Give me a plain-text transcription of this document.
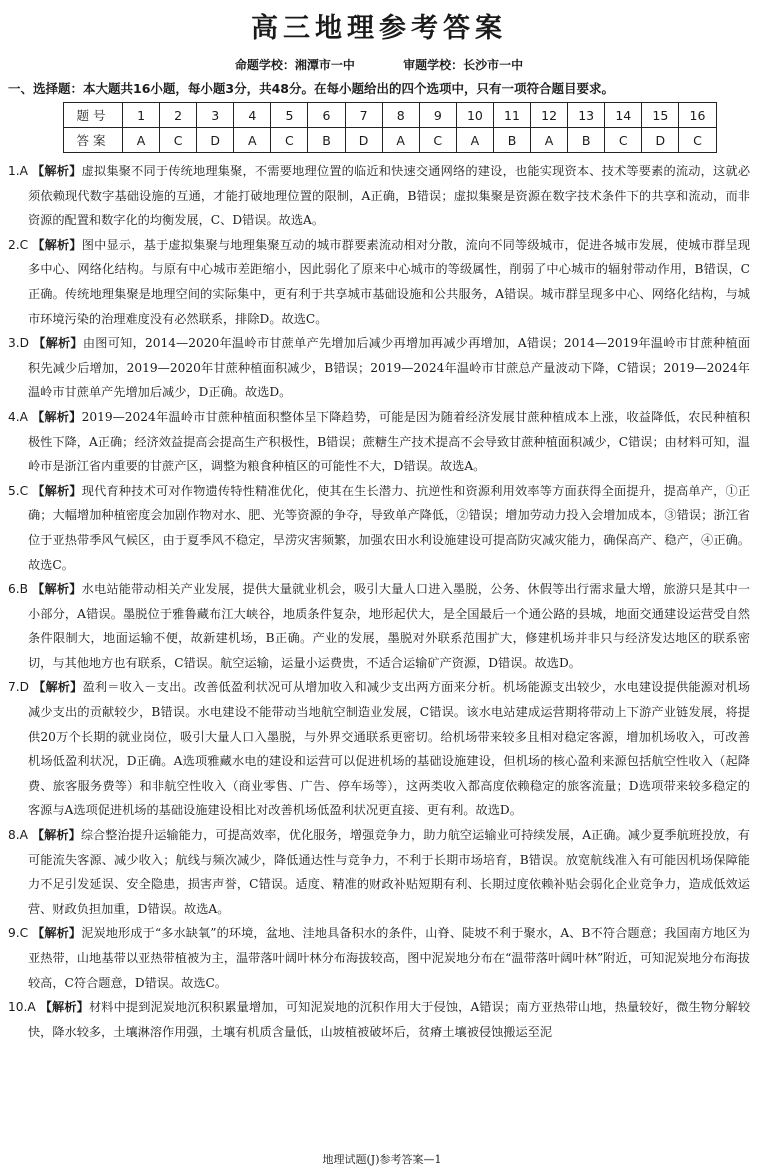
高三地理参考答案
命题学校：湘潭市一中	审题学校：长沙市一中
一、选择题：本大题共16小题，每小题3分，共48分。在每小题给出的四个选项中，只有一项符合题目要求。
题号	1	2	3	4	5	6	7	8	9	10	11	12	13	14	15	16
答案	A	C	D	A	C	B	D	A	C	A	B	A	B	C	D	C
1.A 【解析】虚拟集聚不同于传统地理集聚，不需要地理位置的临近和快速交通网络的建设，也能实现资本、技术等要素的流动，这就必须依赖现代数字基础设施的互通，才能打破地理位置的限制，A正确，B错误；虚拟集聚是资源在数字技术条件下的共享和流动，而非资源的配置和数字化的均衡发展，C、D错误。故选A。
2.C 【解析】图中显示，基于虚拟集聚与地理集聚互动的城市群要素流动相对分散，流向不同等级城市，促进各城市发展，使城市群呈现多中心、网络化结构。与原有中心城市差距缩小，因此弱化了原来中心城市的等级属性，削弱了中心城市的辐射带动作用，B错误，C正确。传统地理集聚是地理空间的实际集中，更有利于共享城市基础设施和公共服务，A错误。城市群呈现多中心、网络化结构，与城市环境污染的治理难度没有必然联系，排除D。故选C。
3.D 【解析】由图可知，2014—2020年温岭市甘蔗单产先增加后减少再增加再减少再增加，A错误；2014—2019年温岭市甘蔗种植面积先减少后增加，2019—2020年甘蔗种植面积减少，B错误；2019—2024年温岭市甘蔗总产量波动下降，C错误；2019—2024年温岭市甘蔗单产先增加后减少，D正确。故选D。
4.A 【解析】2019—2024年温岭市甘蔗种植面积整体呈下降趋势，可能是因为随着经济发展甘蔗种植成本上涨，收益降低，农民种植积极性下降，A正确；经济效益提高会提高生产积极性，B错误；蔗糖生产技术提高不会导致甘蔗种植面积减少，C错误；由材料可知，温岭市是浙江省内重要的甘蔗产区，调整为粮食种植区的可能性不大，D错误。故选A。
5.C 【解析】现代育种技术可对作物遗传特性精准优化，使其在生长潜力、抗逆性和资源利用效率等方面获得全面提升，提高单产，①正确；大幅增加种植密度会加剧作物对水、肥、光等资源的争夺，导致单产降低，②错误；增加劳动力投入会增加成本，③错误；浙江省位于亚热带季风气候区，由于夏季风不稳定，旱涝灾害频繁，加强农田水利设施建设可提高防灾减灾能力，确保高产、稳产，④正确。故选C。
6.B 【解析】水电站能带动相关产业发展，提供大量就业机会，吸引大量人口进入墨脱，公务、休假等出行需求量大增，旅游只是其中一小部分，A错误。墨脱位于雅鲁藏布江大峡谷，地质条件复杂，地形起伏大，是全国最后一个通公路的县城，地面交通建设运营受自然条件限制大，地面运输不便，故新建机场，B正确。产业的发展，墨脱对外联系范围扩大，修建机场并非只与经济发达地区的联系密切，与其他地方也有联系，C错误。航空运输，运量小运费贵，不适合运输矿产资源，D错误。故选D。
7.D 【解析】盈利＝收入－支出。改善低盈利状况可从增加收入和减少支出两方面来分析。机场能源支出较少，水电建设提供能源对机场减少支出的贡献较少，B错误。水电建设不能带动当地航空制造业发展，C错误。该水电站建成运营期将带动上下游产业链发展，将提供20万个长期的就业岗位，吸引大量人口入墨脱，与外界交通联系更密切。给机场带来较多且相对稳定客源，增加机场收入，可改善机场低盈利状况，D正确。A选项雅藏水电的建设和运营可以促进机场的基础设施建设，但机场的核心盈利来源包括航空性收入（起降费、旅客服务费等）和非航空性收入（商业零售、广告、停车场等），这两类收入都高度依赖稳定的旅客流量；D选项带来较多稳定的客源与A选项促进机场的基础设施建设相比对改善机场低盈利状况更直接、更有利。故选D。
8.A 【解析】综合整治提升运输能力，可提高效率，优化服务，增强竞争力，助力航空运输业可持续发展，A正确。减少夏季航班投放，有可能流失客源、减少收入；航线与频次减少，降低通达性与竞争力，不利于长期市场培育，B错误。放宽航线准入有可能因机场保障能力不足引发延误、安全隐患，损害声誉，C错误。适度、精准的财政补贴短期有利、长期过度依赖补贴会弱化企业竞争力，造成低效运营、财政负担加重，D错误。故选A。
9.C 【解析】泥炭地形成于“多水缺氧”的环境，盆地、洼地具备积水的条件，山脊、陡坡不利于聚水，A、B不符合题意；我国南方地区为亚热带，山地基带以亚热带植被为主，温带落叶阔叶林分布海拔较高，图中泥炭地分布在“温带落叶阔叶林”附近，可知泥炭地分布海拔较高，C符合题意，D错误。故选C。
10.A 【解析】材料中提到泥炭地沉积积累量增加，可知泥炭地的沉积作用大于侵蚀，A错误；南方亚热带山地，热量较好，微生物分解较快，降水较多，土壤淋溶作用强，土壤有机质含量低，山坡植被破坏后，贫瘠土壤被侵蚀搬运至泥
地理试题(J)参考答案—1
